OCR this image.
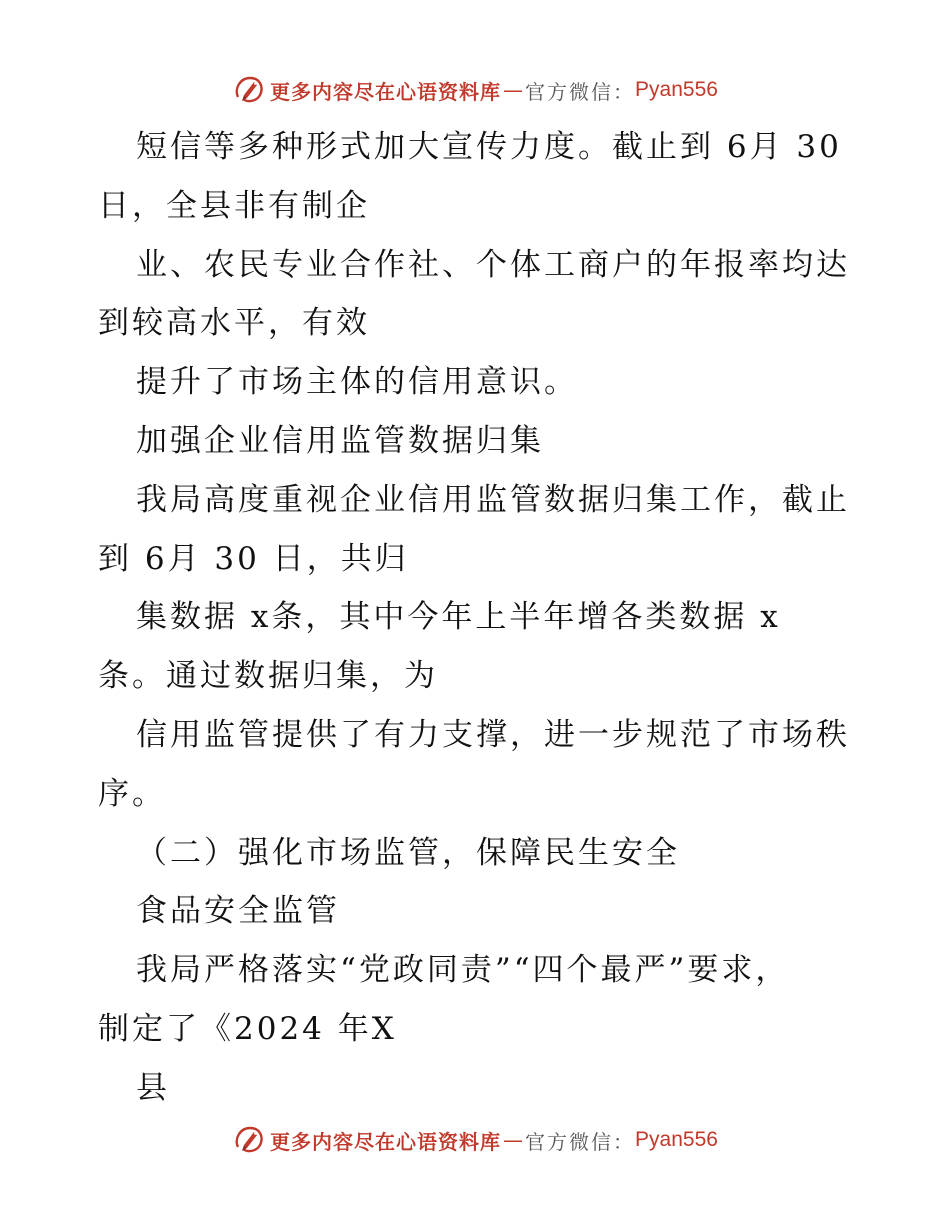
更多内容尽在心语资料库 — 官方微信： Pyan556
短信等多种形式加大宣传力度。截止到 6月 30
日，全县非有制企
业、农民专业合作社、个体工商户的年报率均达
到较高水平，有效
提升了市场主体的信用意识。
加强企业信用监管数据归集
我局高度重视企业信用监管数据归集工作，截止
到 6月 30 日，共归
集数据 x条，其中今年上半年增各类数据 x
条。通过数据归集，为
信用监管提供了有力支撑，进一步规范了市场秩
序。
（二）强化市场监管，保障民生安全
食品安全监管
我局严格落实“党政同责”“四个最严”要求，
制定了《2024 年X
县
更多内容尽在心语资料库 — 官方微信： Pyan556
